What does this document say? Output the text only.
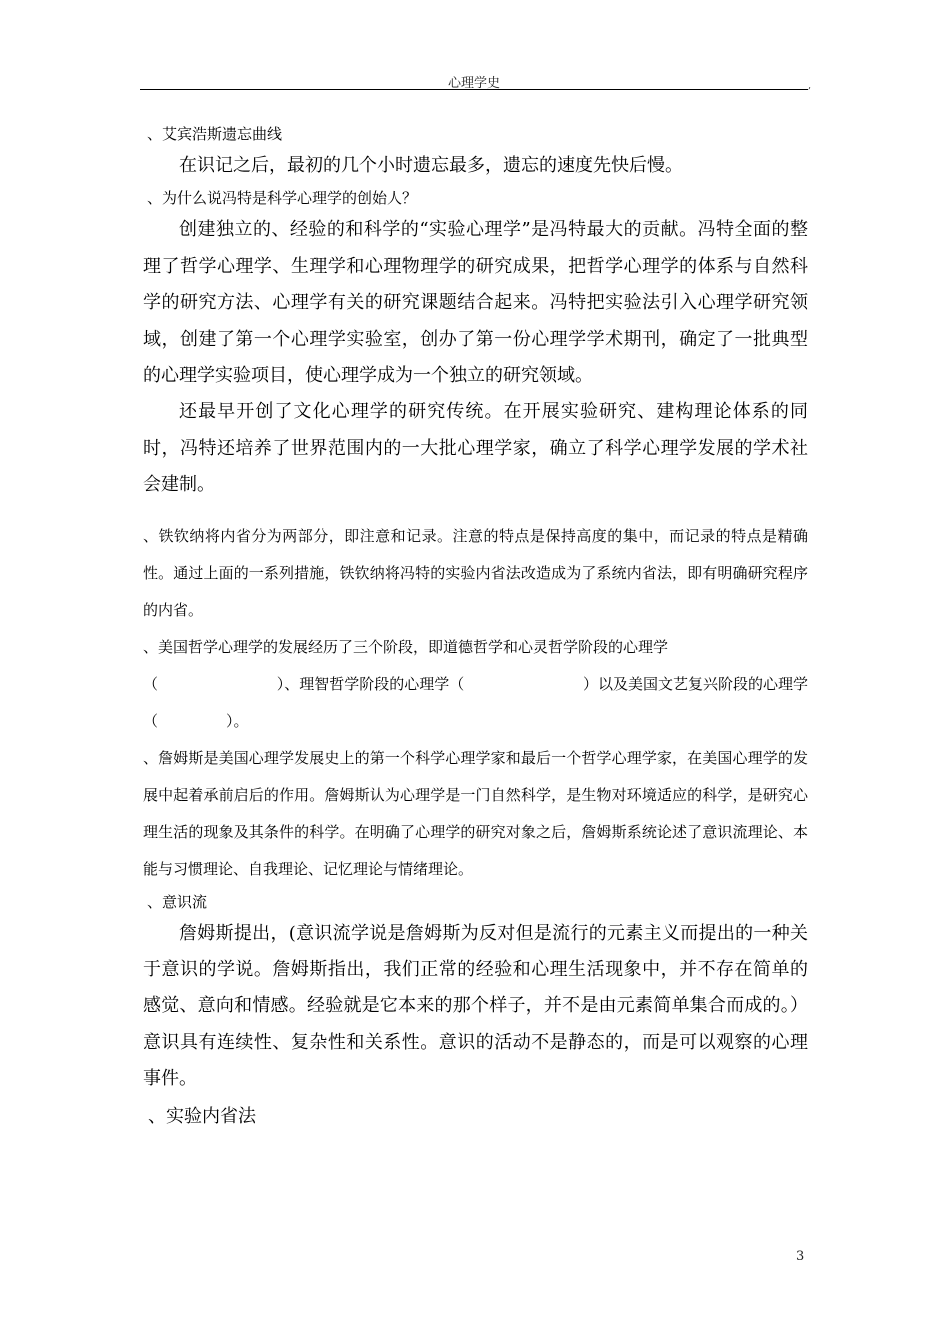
心理学史	,

、艾宾浩斯遗忘曲线

在识记之后，最初的几个小时遗忘最多，遗忘的速度先快后慢。

、为什么说冯特是科学心理学的创始人？

创建独立的、经验的和科学的“实验心理学”是冯特最大的贡献。冯特全面的整理了哲学心理学、生理学和心理物理学的研究成果，把哲学心理学的体系与自然科学的研究方法、心理学有关的研究课题结合起来。冯特把实验法引入心理学研究领域，创建了第一个心理学实验室，创办了第一份心理学学术期刊，确定了一批典型的心理学实验项目，使心理学成为一个独立的研究领域。

还最早开创了文化心理学的研究传统。在开展实验研究、建构理论体系的同时，冯特还培养了世界范围内的一大批心理学家，确立了科学心理学发展的学术社会建制。

、铁钦纳将内省分为两部分，即注意和记录。注意的特点是保持高度的集中，而记录的特点是精确性。通过上面的一系列措施，铁钦纳将冯特的实验内省法改造成为了系统内省法，即有明确研究程序的内省。

、美国哲学心理学的发展经历了三个阶段，即道德哲学和心灵哲学阶段的心理学

（	）、理智哲学阶段的心理学（	）以及美国文艺复兴阶段的心理学

（	）。

、詹姆斯是美国心理学发展史上的第一个科学心理学家和最后一个哲学心理学家，在美国心理学的发展中起着承前启后的作用。詹姆斯认为心理学是一门自然科学，是生物对环境适应的科学，是研究心理生活的现象及其条件的科学。在明确了心理学的研究对象之后，詹姆斯系统论述了意识流理论、本能与习惯理论、自我理论、记忆理论与情绪理论。

、意识流

詹姆斯提出，(意识流学说是詹姆斯为反对但是流行的元素主义而提出的一种关于意识的学说。詹姆斯指出，我们正常的经验和心理生活现象中，并不存在简单的感觉、意向和情感。经验就是它本来的那个样子，并不是由元素简单集合而成的。）意识具有连续性、复杂性和关系性。意识的活动不是静态的，而是可以观察的心理事件。

、实验内省法

3
